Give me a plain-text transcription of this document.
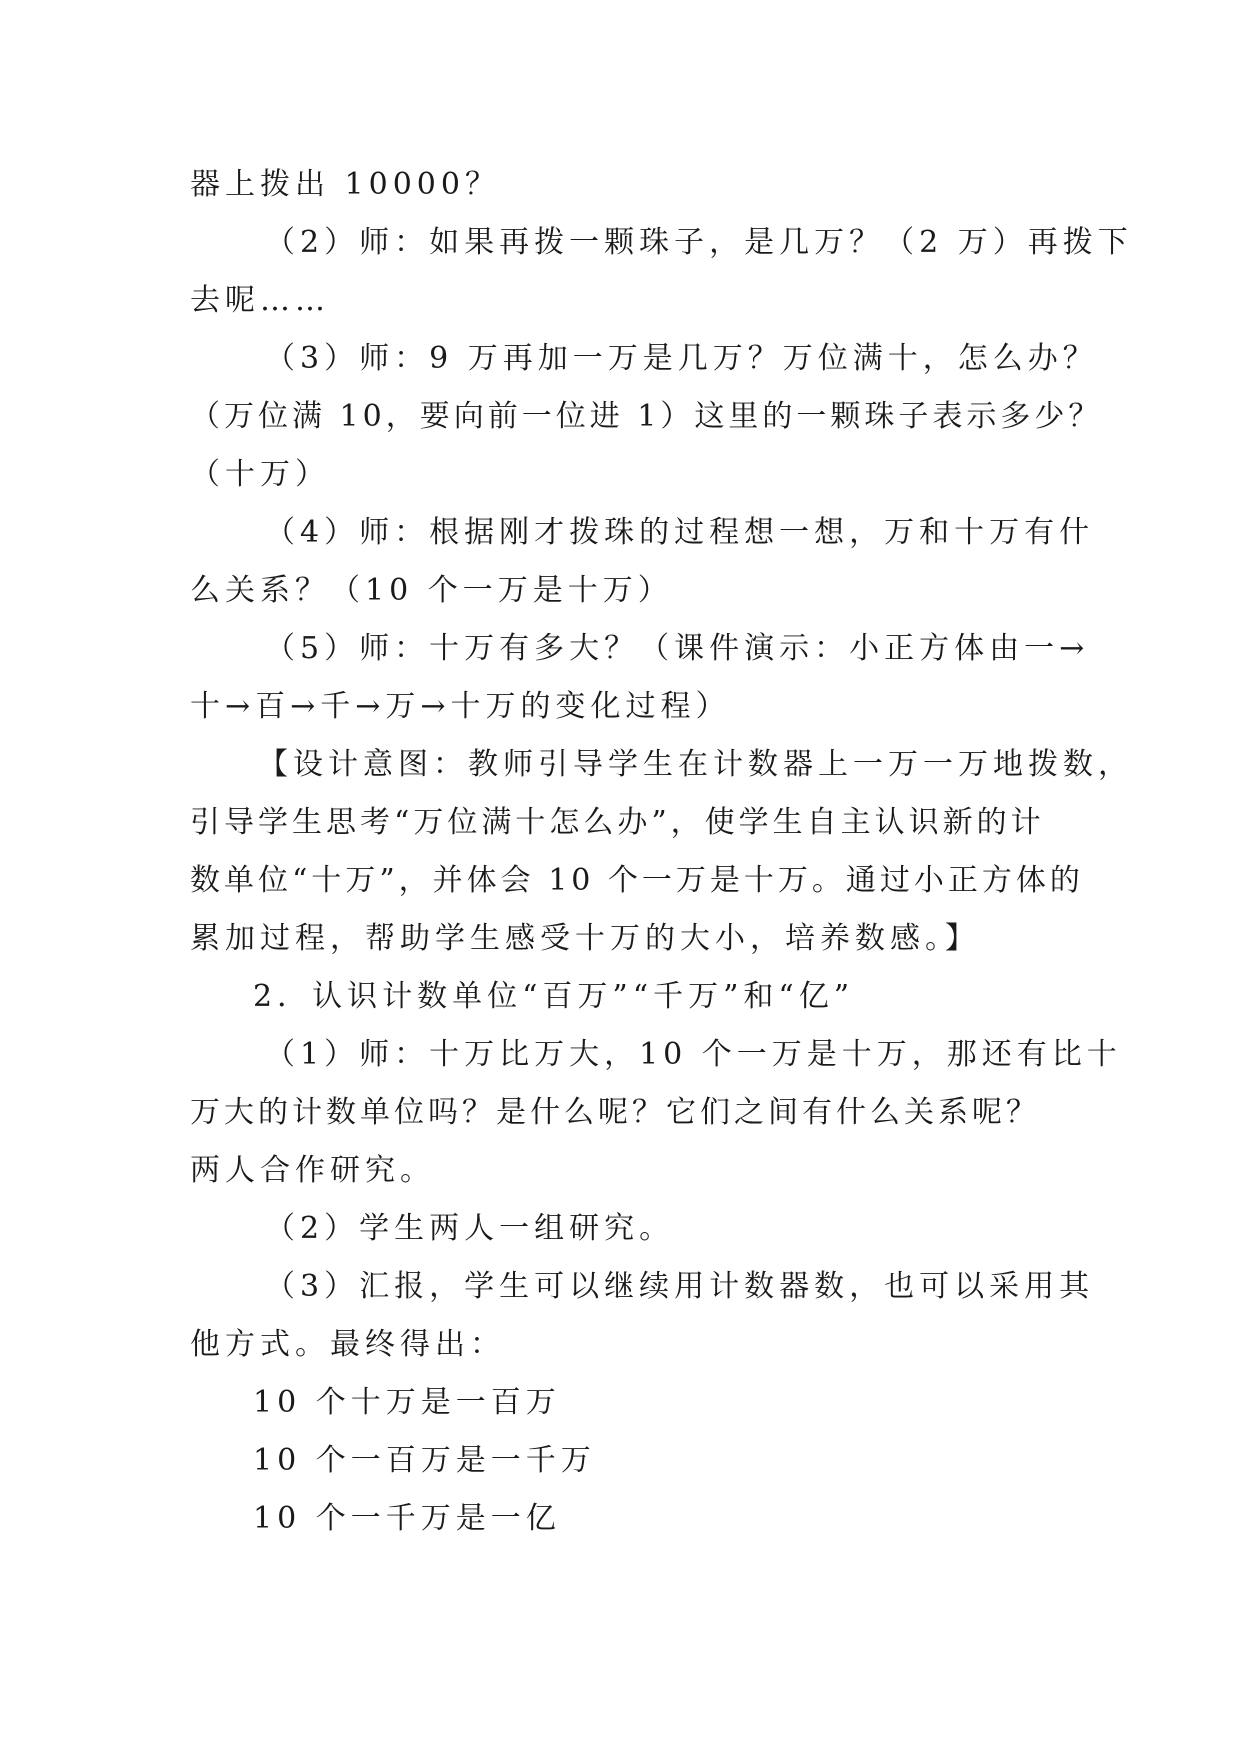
器上拨出 10000？
（2）师：如果再拨一颗珠子，是几万？（2 万）再拨下
去呢……
（3）师：9 万再加一万是几万？万位满十，怎么办？
（万位满 10，要向前一位进 1）这里的一颗珠子表示多少？
（十万）
（4）师：根据刚才拨珠的过程想一想，万和十万有什
么关系？（10 个一万是十万）
（5）师：十万有多大？（课件演示：小正方体由一→
十→百→千→万→十万的变化过程）
【设计意图：教师引导学生在计数器上一万一万地拨数，
引导学生思考“万位满十怎么办”，使学生自主认识新的计
数单位“十万”，并体会 10 个一万是十万。通过小正方体的
累加过程，帮助学生感受十万的大小，培养数感。】
2．认识计数单位“百万”“千万”和“亿”
（1）师：十万比万大，10 个一万是十万，那还有比十
万大的计数单位吗？是什么呢？它们之间有什么关系呢？
两人合作研究。
（2）学生两人一组研究。
（3）汇报，学生可以继续用计数器数，也可以采用其
他方式。最终得出：
10 个十万是一百万
10 个一百万是一千万
10 个一千万是一亿
